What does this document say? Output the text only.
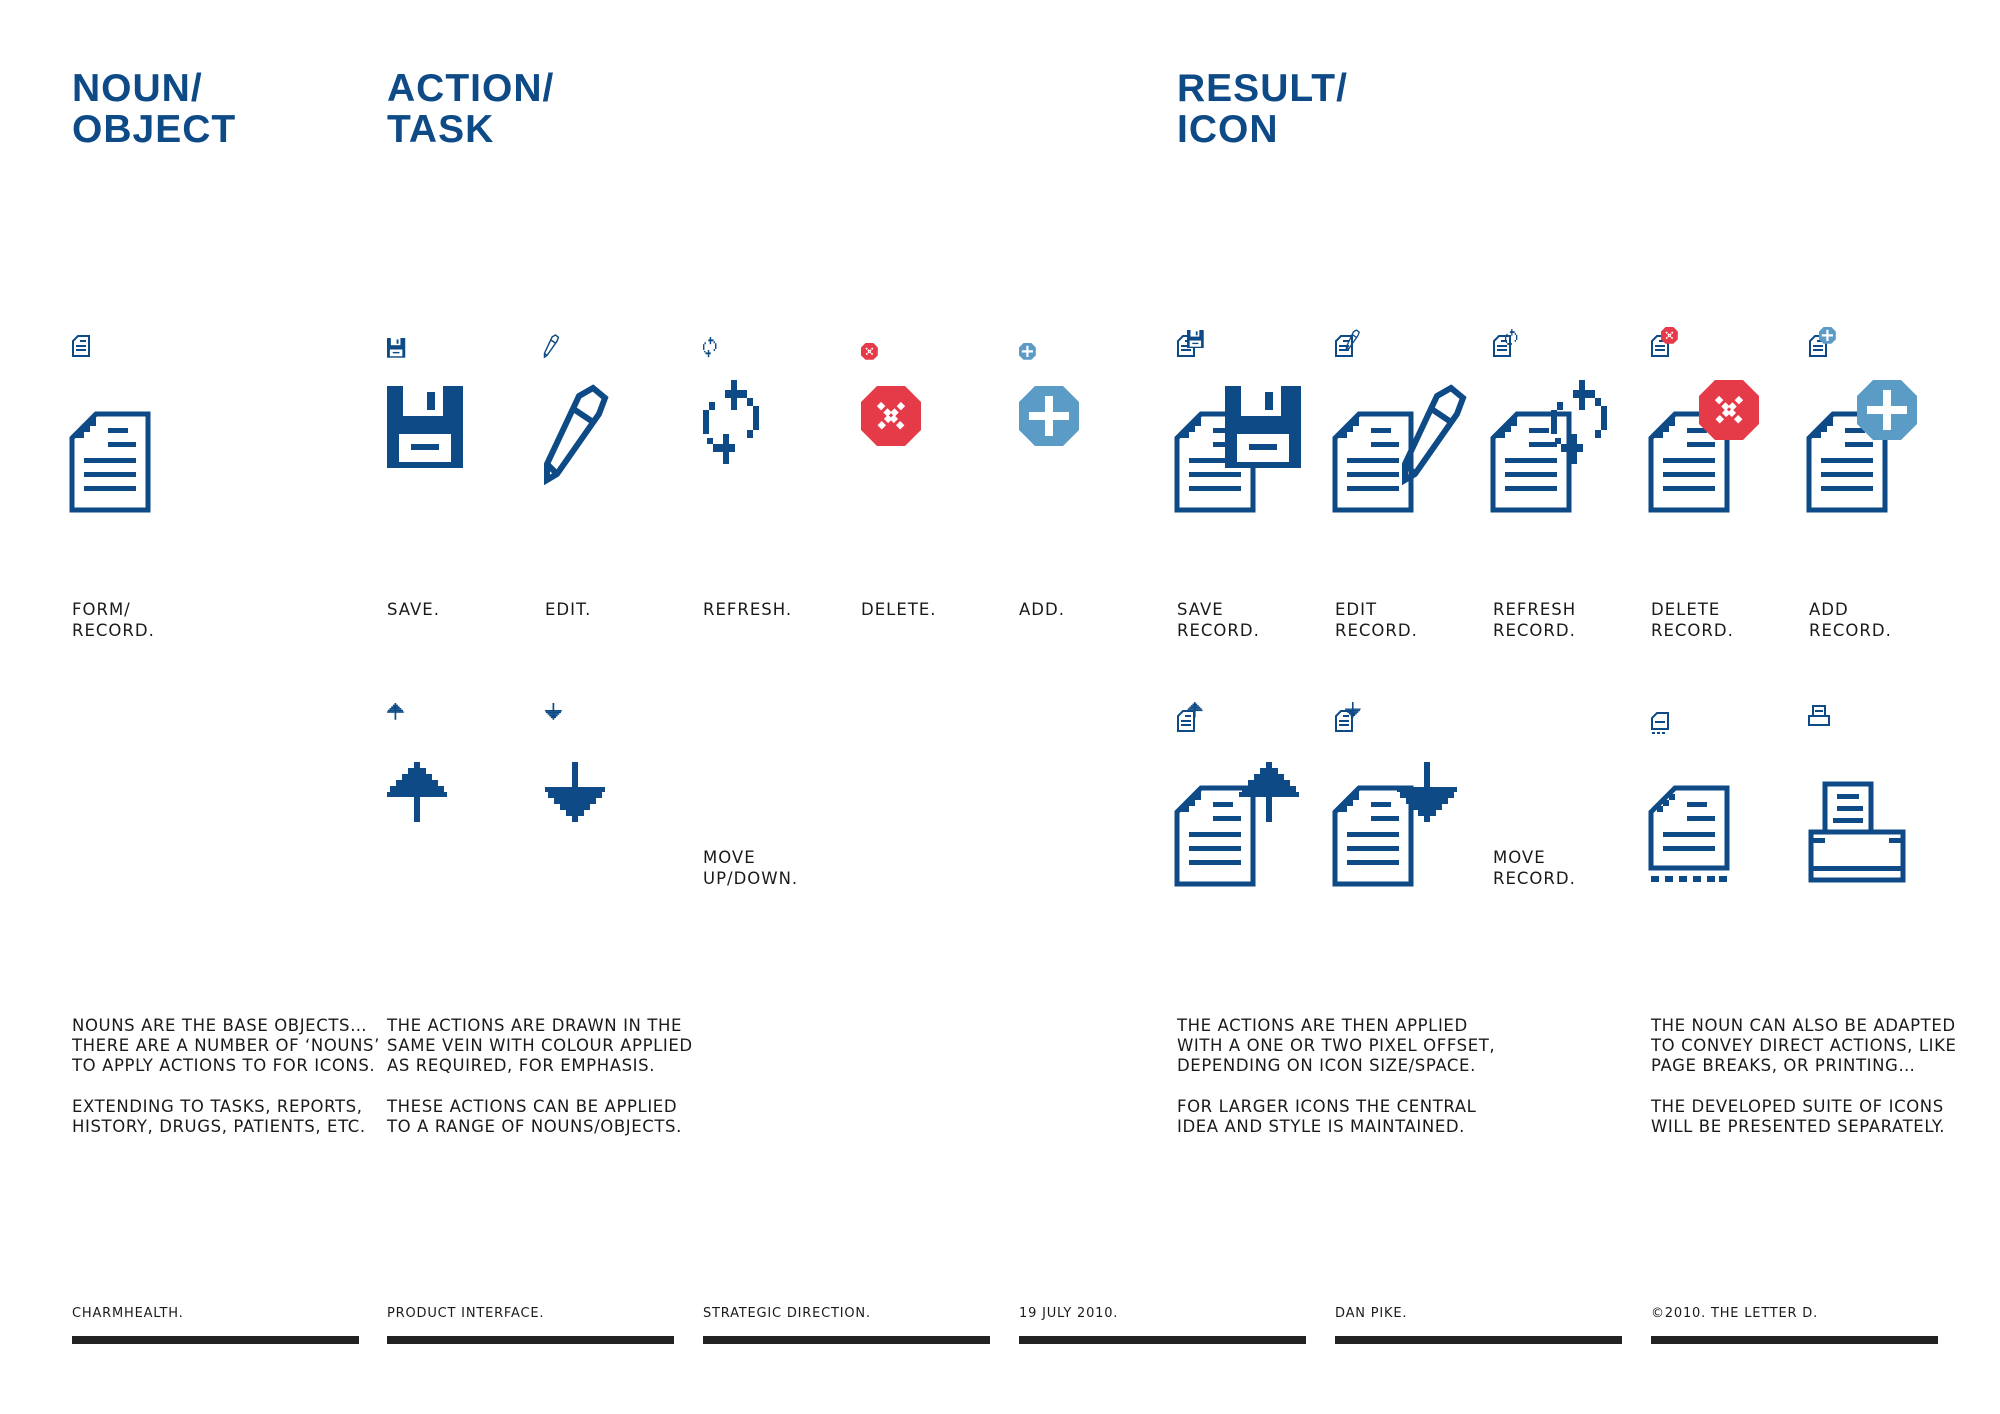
NOUN/
OBJECT
ACTION/
TASK
RESULT/
ICON
FORM/
RECORD.
SAVE.	EDIT.	REFRESH.	DELETE.	ADD.	SAVE
RECORD.
EDIT
RECORD.
REFRESH
RECORD.
DELETE
RECORD.
ADD
RECORD.
MOVE
UP/DOWN.
MOVE
RECORD.

NOUNS ARE THE BASE OBJECTS…
THERE ARE A NUMBER OF ‘NOUNS’
TO APPLY ACTIONS TO FOR ICONS.

EXTENDING TO TASKS, REPORTS,
HISTORY, DRUGS, PATIENTS, ETC.

THE ACTIONS ARE DRAWN IN THE
SAME VEIN WITH COLOUR APPLIED
AS REQUIRED, FOR EMPHASIS.

THESE ACTIONS CAN BE APPLIED
TO A RANGE OF NOUNS/OBJECTS.

THE ACTIONS ARE THEN APPLIED
WITH A ONE OR TWO PIXEL OFFSET,
DEPENDING ON ICON SIZE/SPACE.

FOR LARGER ICONS THE CENTRAL
IDEA AND STYLE IS MAINTAINED.

THE NOUN CAN ALSO BE ADAPTED
TO CONVEY DIRECT ACTIONS, LIKE
PAGE BREAKS, OR PRINTING…

THE DEVELOPED SUITE OF ICONS
WILL BE PRESENTED SEPARATELY.

CHARMHEALTH.	PRODUCT INTERFACE.	STRATEGIC DIRECTION.	19 JULY 2010.	DAN PIKE.	©2010. THE LETTER D.
